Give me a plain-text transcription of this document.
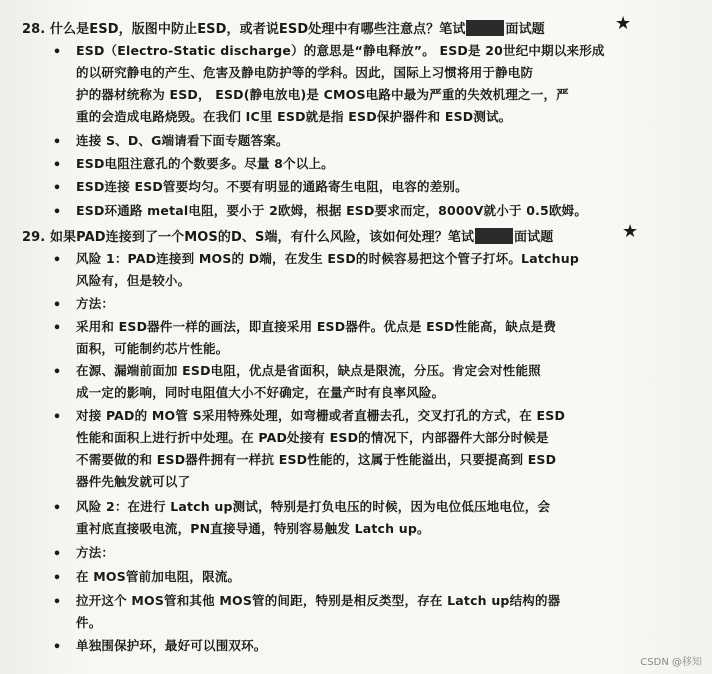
28. 什么是ESD，版图中防止ESD，或者说ESD处理中有哪些注意点？笔试	面试题	★
• ESD（Electro-Static discharge）的意思是“静电释放”。 ESD是 20世纪中期以来形成
的以研究静电的产生、危害及静电防护等的学科。因此，国际上习惯将用于静电防
护的器材统称为 ESD， ESD(静电放电)是 CMOS电路中最为严重的失效机理之一，严
重的会造成电路烧毁。在我们 IC里 ESD就是指 ESD保护器件和 ESD测试。
• 连接 S、D、G端请看下面专题答案。
• ESD电阻注意孔的个数要多。尽量 8个以上。
• ESD连接 ESD管要均匀。不要有明显的通路寄生电阻，电容的差别。
• ESD环通路 metal电阻，要小于 2欧姆，根据 ESD要求而定，8000V就小于 0.5欧姆。
29. 如果PAD连接到了一个MOS的D、S端，有什么风险，该如何处理？笔试	面试题	★
• 风险 1：PAD连接到 MOS的 D端，在发生 ESD的时候容易把这个管子打坏。Latchup
风险有，但是较小。
• 方法：
• 采用和 ESD器件一样的画法，即直接采用 ESD器件。优点是 ESD性能高，缺点是费
面积，可能制约芯片性能。
• 在源、漏端前面加 ESD电阻，优点是省面积，缺点是限流，分压。肯定会对性能照
成一定的影响，同时电阻值大小不好确定，在量产时有良率风险。
• 对接 PAD的 MO管 S采用特殊处理，如弯栅或者直栅去孔，交叉打孔的方式，在 ESD
性能和面积上进行折中处理。在 PAD处接有 ESD的情况下，内部器件大部分时候是
不需要做的和 ESD器件拥有一样抗 ESD性能的，这属于性能溢出，只要提高到 ESD
器件先触发就可以了
• 风险 2：在进行 Latch up测试，特别是打负电压的时候，因为电位低压地电位，会
重衬底直接吸电流，PN直接导通，特别容易触发 Latch up。
• 方法：
• 在 MOS管前加电阻，限流。
• 拉开这个 MOS管和其他 MOS管的间距，特别是相反类型，存在 Latch up结构的器
件。
• 单独围保护环，最好可以围双环。
CSDN @移知
